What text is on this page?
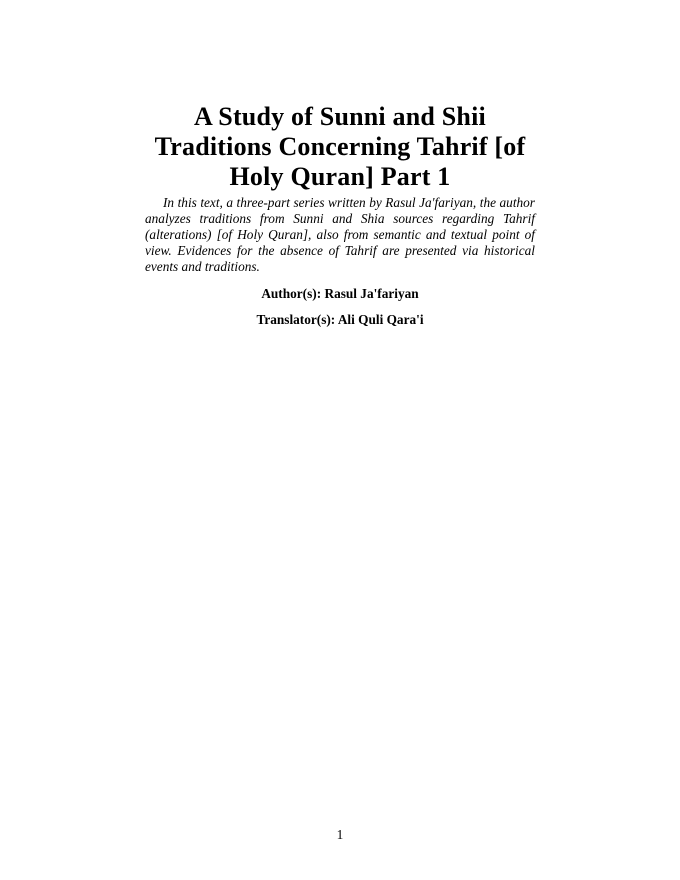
A Study of Sunni and Shii
Traditions Concerning Tahrif [of
Holy Quran] Part 1

In this text, a three-part series written by Rasul Ja'fariyan, the author analyzes traditions from Sunni and Shia sources regarding Tahrif (alterations) [of Holy Quran], also from semantic and textual point of view. Evidences for the absence of Tahrif are presented via historical events and traditions.

Author(s): Rasul Ja'fariyan

Translator(s): Ali Quli Qara'i

1
